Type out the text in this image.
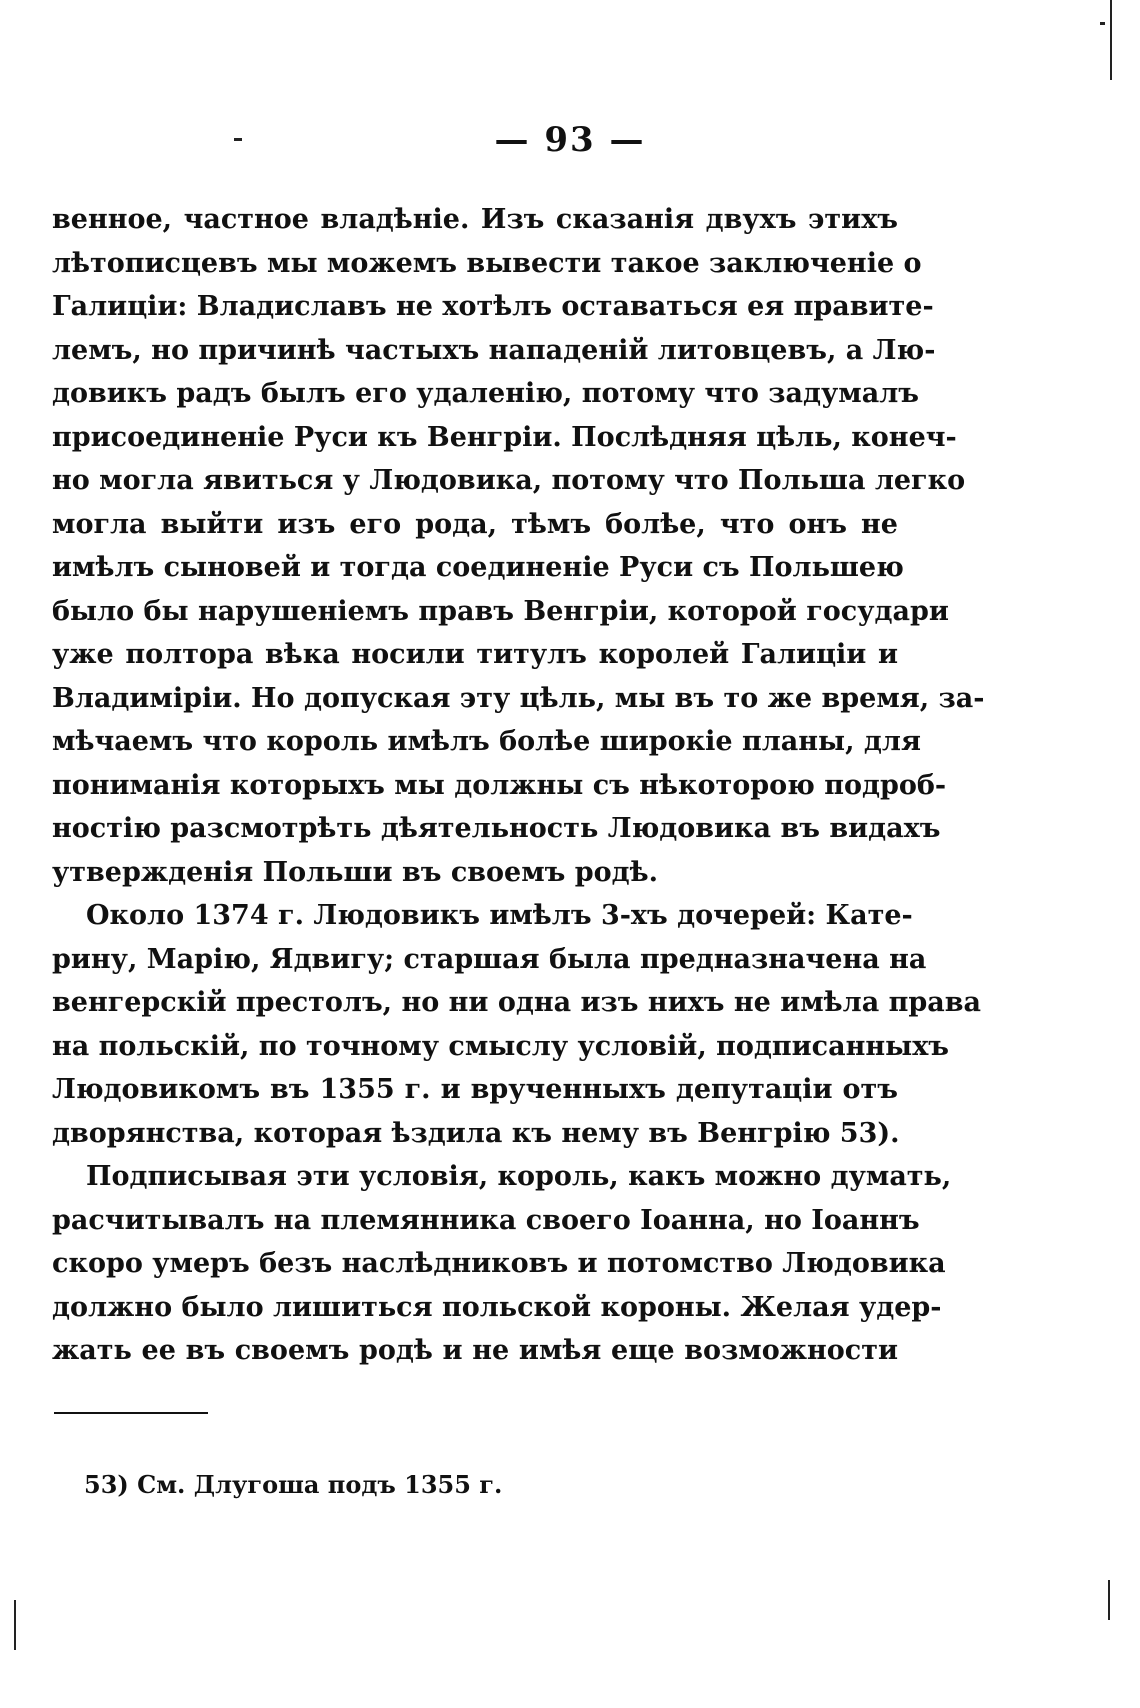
— 93 —
венное, частное владѣніе. Изъ сказанія двухъ этихъ
лѣтописцевъ мы можемъ вывести такое заключеніе о
Галиціи: Владиславъ не хотѣлъ оставаться ея правите-
лемъ, но причинѣ частыхъ нападеній литовцевъ, а Лю-
довикъ радъ былъ его удаленію, потому что задумалъ
присоединеніе Руси къ Венгріи. Послѣдняя цѣль, конеч-
но могла явиться у Людовика, потому что Польша легко
могла выйти изъ его рода, тѣмъ болѣе, что онъ не
имѣлъ сыновей и тогда соединеніе Руси съ Польшею
было бы нарушеніемъ правъ Венгріи, которой государи
уже полтора вѣка носили титулъ королей Галиціи и
Владиміріи. Но допуская эту цѣль, мы въ то же время, за-
мѣчаемъ что король имѣлъ болѣе широкіе планы, для
пониманія которыхъ мы должны съ нѣкоторою подроб-
ностію разсмотрѣть дѣятельность Людовика въ видахъ
утвержденія Польши въ своемъ родѣ.
Около 1374 г. Людовикъ имѣлъ 3-хъ дочерей: Кате-
рину, Марію, Ядвигу; старшая была предназначена на
венгерскій престолъ, но ни одна изъ нихъ не имѣла права
на польскій, по точному смыслу условій, подписанныхъ
Людовикомъ въ 1355 г. и врученныхъ депутаціи отъ
дворянства, которая ѣздила къ нему въ Венгрію 53).
Подписывая эти условія, король, какъ можно думать,
расчитывалъ на племянника своего Іоанна, но Іоаннъ
скоро умеръ безъ наслѣдниковъ и потомство Людовика
должно было лишиться польской короны. Желая удер-
жать ее въ своемъ родѣ и не имѣя еще возможности
53) См. Длугоша подъ 1355 г.
